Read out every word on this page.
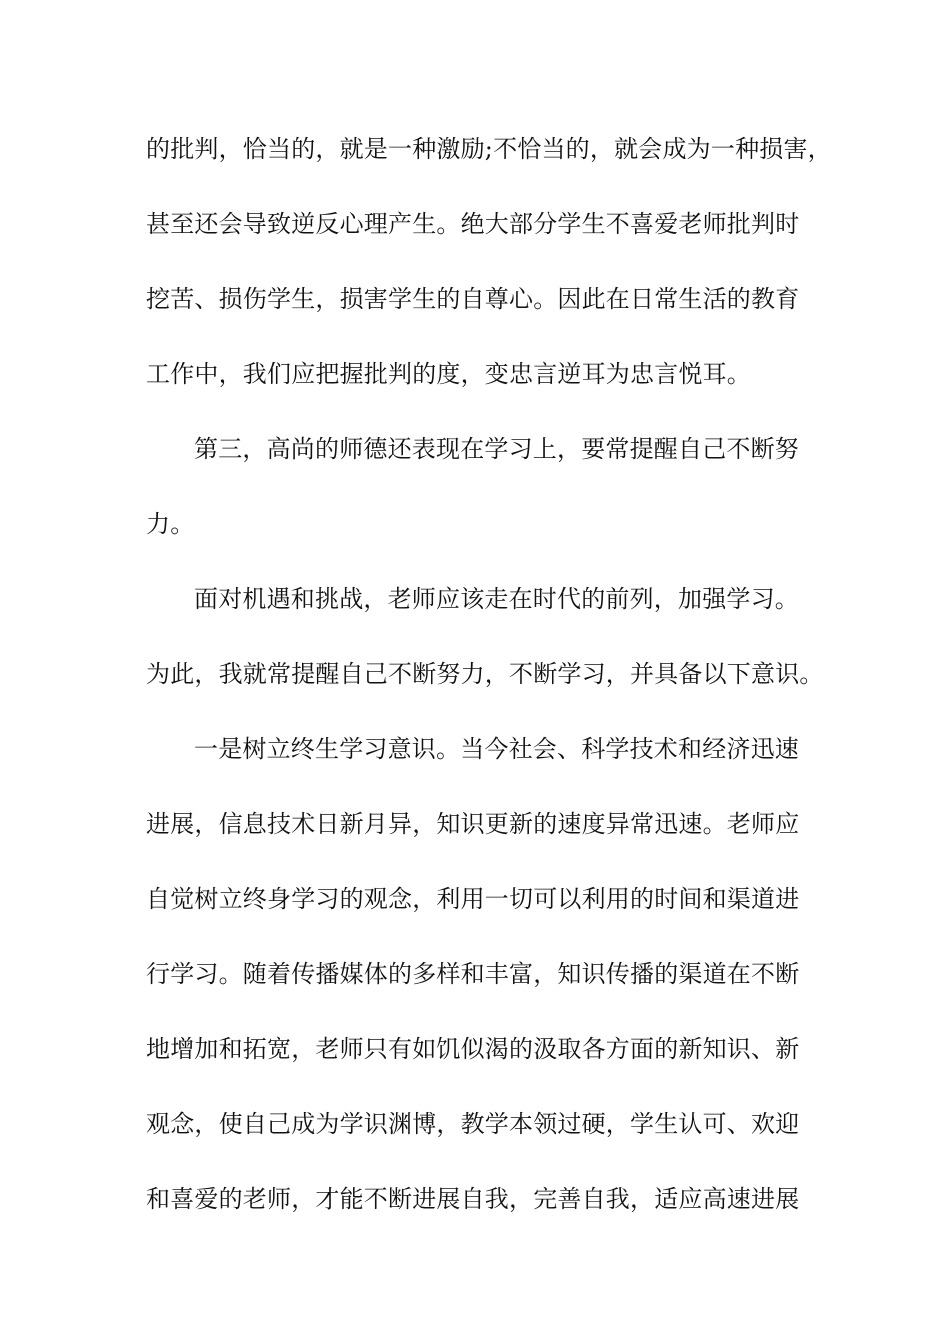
的批判，恰当的，就是一种激励;不恰当的，就会成为一种损害，
甚至还会导致逆反心理产生。绝大部分学生不喜爱老师批判时
挖苦、损伤学生，损害学生的自尊心。因此在日常生活的教育
工作中，我们应把握批判的度，变忠言逆耳为忠言悦耳。
第三，高尚的师德还表现在学习上，要常提醒自己不断努
力。
面对机遇和挑战，老师应该走在时代的前列，加强学习。
为此，我就常提醒自己不断努力，不断学习，并具备以下意识。
一是树立终生学习意识。当今社会、科学技术和经济迅速
进展，信息技术日新月异，知识更新的速度异常迅速。老师应
自觉树立终身学习的观念，利用一切可以利用的时间和渠道进
行学习。随着传播媒体的多样和丰富，知识传播的渠道在不断
地增加和拓宽，老师只有如饥似渴的汲取各方面的新知识、新
观念，使自己成为学识渊博，教学本领过硬，学生认可、欢迎
和喜爱的老师，才能不断进展自我，完善自我，适应高速进展
